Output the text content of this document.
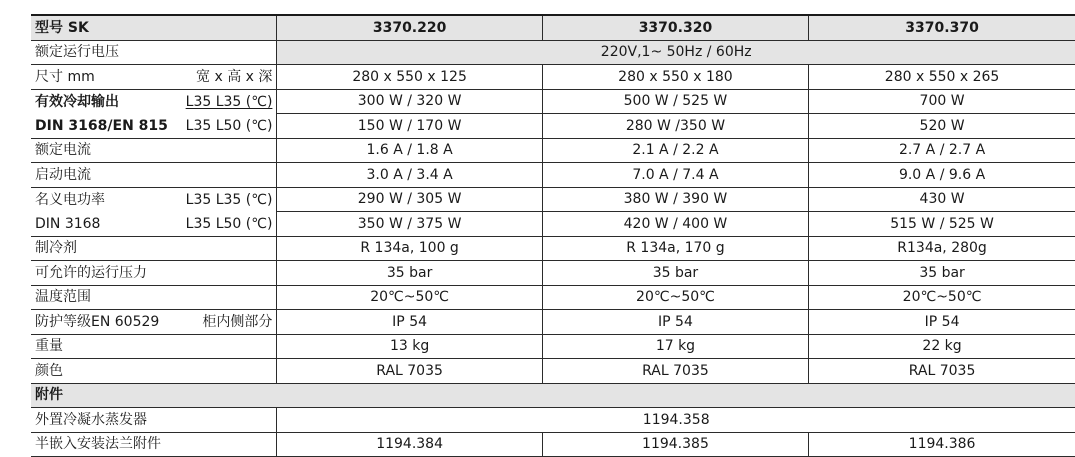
型号 SK	3370.220	3370.320	3370.370
额定运行电压	220V,1~ 50Hz / 60Hz		

尺寸 mm 宽 x 高 x 深	280 x 550 x 125	280 x 550 x 180	280 x 550 x 265

有效冷却输出 L35 L35 (℃)	300 W / 320 W	500 W / 525 W	700 W

DIN 3168/EN 815 L35 L50 (℃)	150 W / 170 W	280 W /350 W	520 W
额定电流	1.6 A / 1.8 A	2.1 A / 2.2 A	2.7 A / 2.7 A
启动电流	3.0 A / 3.4 A	7.0 A / 7.4 A	9.0 A / 9.6 A

名义电功率 L35 L35 (℃)	290 W / 305 W	380 W / 390 W	430 W

DIN 3168 L35 L50 (℃)	350 W / 375 W	420 W / 400 W	515 W / 525 W
制冷剂	R 134a, 100 g	R 134a, 170 g	R134a, 280g
可允许的运行压力	35 bar	35 bar	35 bar
温度范围	20℃~50℃	20℃~50℃	20℃~50℃

防护等级EN 60529 柜内侧部分	IP 54	IP 54	IP 54
重量	13 kg	17 kg	22 kg
颜色	RAL 7035	RAL 7035	RAL 7035
附件			
外置冷凝水蒸发器	1194.358		
半嵌入安装法兰附件	1194.384	1194.385	1194.386
